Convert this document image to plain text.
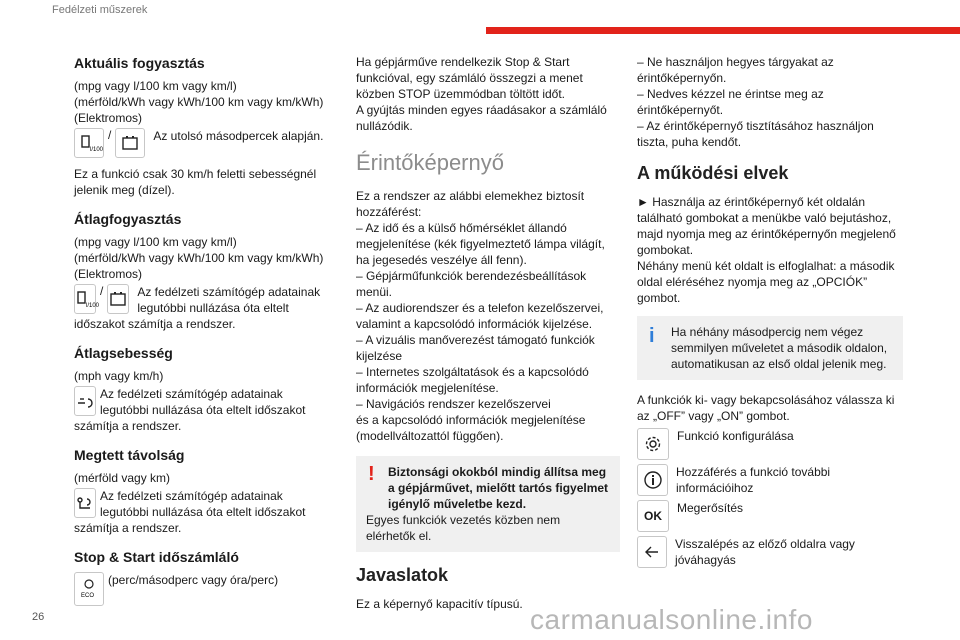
Fedélzeti műszerek
Aktuális fogyasztás

(mpg vagy l/100 km vagy km/l)
(mérföld/kWh vagy kWh/100 km vagy km/kWh)
(Elektromos)

l/100
/	Az utolsó másodpercek alapján.

Ez a funkció csak 30 km/h feletti sebességnél jelenik meg (dízel).

Átlagfogyasztás

(mpg vagy l/100 km vagy km/l)
(mérföld/kWh vagy kWh/100 km vagy km/kWh)
(Elektromos)

l/100
/	Az fedélzeti számítógép adatainak legutóbbi nullázása óta eltelt

időszakot számítja a rendszer.

Átlagsebesség

(mph vagy km/h)

Az fedélzeti számítógép adatainak legutóbbi nullázása óta eltelt időszakot

számítja a rendszer.

Megtett távolság

(mérföld vagy km)

Az fedélzeti számítógép adatainak legutóbbi nullázása óta eltelt időszakot

számítja a rendszer.

Stop & Start időszámláló
ECO
(perc/másodperc vagy óra/perc)

Ha gépjárműve rendelkezik Stop & Start funkcióval, egy számláló összegzi a menet közben STOP üzemmódban töltött időt.
A gyújtás minden egyes ráadásakor a számláló nullázódik.

Érintőképernyő

Ez a rendszer az alábbi elemekhez biztosít hozzáférést:
– Az idő és a külső hőmérséklet állandó megjelenítése (kék figyelmeztető lámpa világít, ha jegesedés veszélye áll fenn).
– Gépjárműfunkciók berendezésbeállítások menüi.
– Az audiorendszer és a telefon kezelőszervei, valamint a kapcsolódó információk kijelzése.
– A vizuális manőverezést támogató funkciók kijelzése
– Internetes szolgáltatások és a kapcsolódó információk megjelenítése.
– Navigációs rendszer kezelőszervei
és a kapcsolódó információk megjelenítése (modellváltozattól függően).

!	Biztonsági okokból mindig állítsa meg a gépjárművet, mielőtt tartós figyelmet igénylő műveletbe kezd.
Egyes funkciók vezetés közben nem elérhetők el.
Javaslatok

Ez a képernyő kapacitív típusú.

– Ne használjon hegyes tárgyakat az érintőképernyőn.
– Nedves kézzel ne érintse meg az érintőképernyőt.
– Az érintőképernyő tisztításához használjon tiszta, puha kendőt.

A működési elvek

► Használja az érintőképernyő két oldalán található gombokat a menükbe való bejutáshoz, majd nyomja meg az érintőképernyőn megjelenő gombokat.
Néhány menü két oldalt is elfoglalhat: a második oldal eléréséhez nyomja meg az „OPCIÓK” gombot.

i	Ha néhány másodpercig nem végez semmilyen műveletet a második oldalon, automatikusan az első oldal jelenik meg.

A funkciók ki- vagy bekapcsolásához válassza ki az „OFF” vagy „ON” gombot.

Funkció konfigurálása
Hozzáférés a funkció további információihoz
OK
Megerősítés
Visszalépés az előző oldalra vagy jóváhagyás
26	carmanualsonline.info
